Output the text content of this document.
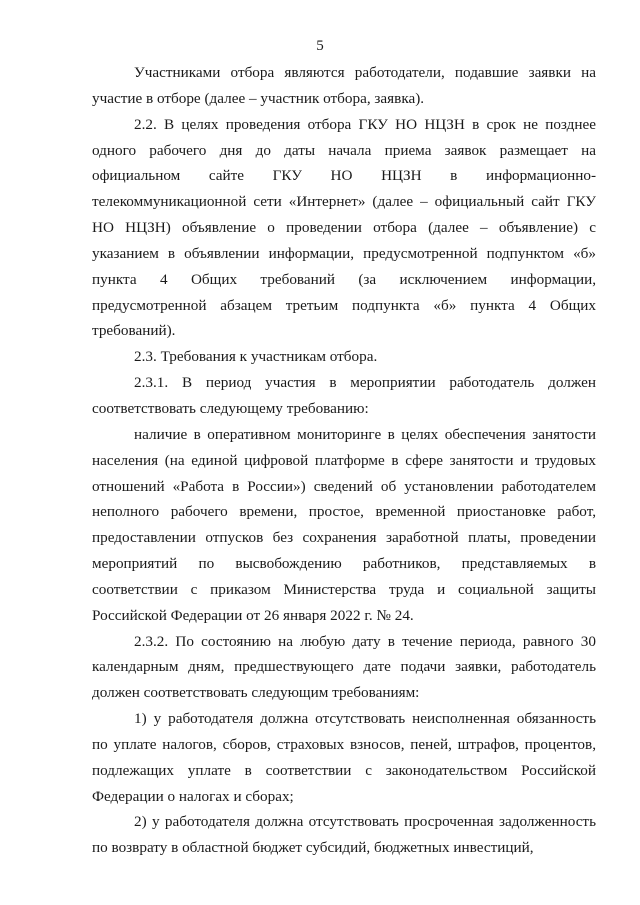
5

Участниками отбора являются работодатели, подавшие заявки на участие в отборе (далее – участник отбора, заявка).

2.2. В целях проведения отбора ГКУ НО НЦЗН в срок не позднее одного рабочего дня до даты начала приема заявок размещает на официальном сайте ГКУ НО НЦЗН в информационно-телекоммуникационной сети «Интернет» (далее – официальный сайт ГКУ НО НЦЗН) объявление о проведении отбора (далее – объявление) с указанием в объявлении информации, предусмотренной подпунктом «б» пункта 4 Общих требований (за исключением информации, предусмотренной абзацем третьим подпункта «б» пункта 4 Общих требований).

2.3. Требования к участникам отбора.

2.3.1. В период участия в мероприятии работодатель должен соответствовать следующему требованию:

наличие в оперативном мониторинге в целях обеспечения занятости населения (на единой цифровой платформе в сфере занятости и трудовых отношений «Работа в России») сведений об установлении работодателем неполного рабочего времени, простое, временной приостановке работ, предоставлении отпусков без сохранения заработной платы, проведении мероприятий по высвобождению работников, представляемых в соответствии с приказом Министерства труда и социальной защиты Российской Федерации от 26 января 2022 г. № 24.

2.3.2. По состоянию на любую дату в течение периода, равного 30 календарным дням, предшествующего дате подачи заявки, работодатель должен соответствовать следующим требованиям:

1) у работодателя должна отсутствовать неисполненная обязанность по уплате налогов, сборов, страховых взносов, пеней, штрафов, процентов, подлежащих уплате в соответствии с законодательством Российской Федерации о налогах и сборах;

2) у работодателя должна отсутствовать просроченная задолженность по возврату в областной бюджет субсидий, бюджетных инвестиций,
